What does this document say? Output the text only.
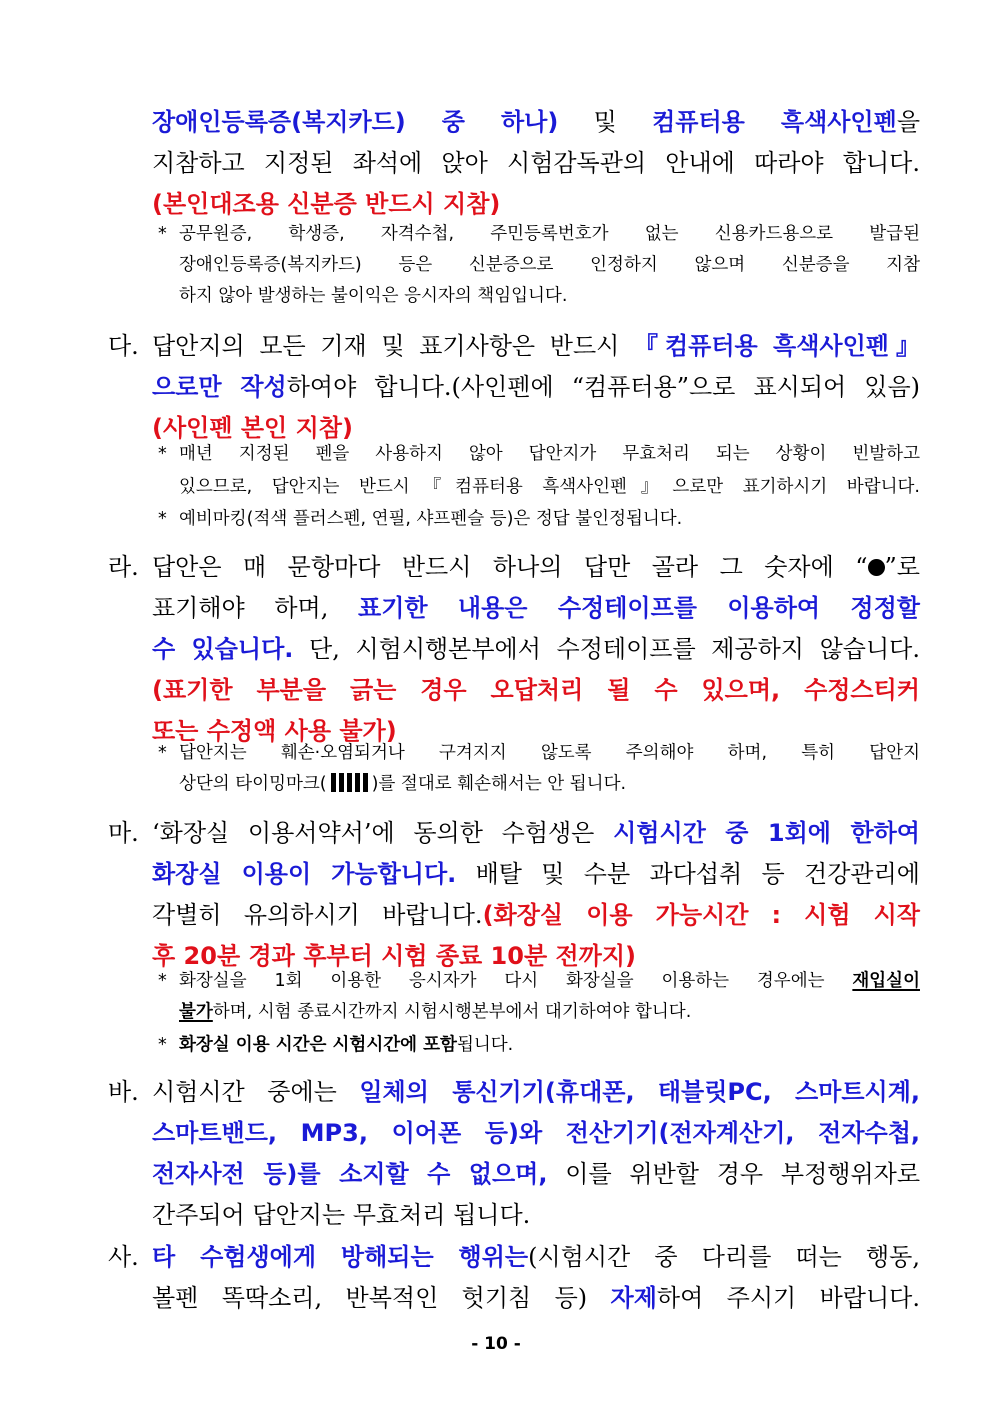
장애인등록증(복지카드) 중 하나) 및 컴퓨터용 흑색사인펜을
지참하고 지정된 좌석에 앉아 시험감독관의 안내에 따라야 합니다.
(본인대조용 신분증 반드시 지참)
* 공무원증, 학생증, 자격수첩, 주민등록번호가 없는 신용카드용으로 발급된
장애인등록증(복지카드) 등은 신분증으로 인정하지 않으며 신분증을 지참
하지 않아 발생하는 불이익은 응시자의 책임입니다.
다. 답안지의 모든 기재 및 표기사항은 반드시 『컴퓨터용 흑색사인펜』
으로만 작성하여야 합니다.(사인펜에 “컴퓨터용”으로 표시되어 있음)
(사인펜 본인 지참)
* 매년 지정된 펜을 사용하지 않아 답안지가 무효처리 되는 상황이 빈발하고
있으므로, 답안지는 반드시『컴퓨터용 흑색사인펜』으로만 표기하시기 바랍니다.
* 예비마킹(적색 플러스펜, 연필, 샤프펜슬 등)은 정답 불인정됩니다.
라. 답안은 매 문항마다 반드시 하나의 답만 골라 그 숫자에 “ ”로
표기해야 하며, 표기한 내용은 수정테이프를 이용하여 정정할
수 있습니다. 단, 시험시행본부에서 수정테이프를 제공하지 않습니다.
(표기한 부분을 긁는 경우 오답처리 될 수 있으며, 수정스티커
또는 수정액 사용 불가)
* 답안지는 훼손·오염되거나 구겨지지 않도록 주의해야 하며, 특히 답안지
상단의 타이밍마크(	)를 절대로 훼손해서는 안 됩니다.
마. ‘화장실 이용서약서’에 동의한 수험생은 시험시간 중 1회에 한하여
화장실 이용이 가능합니다. 배탈 및 수분 과다섭취 등 건강관리에
각별히 유의하시기 바랍니다.(화장실 이용 가능시간 : 시험 시작
후 20분 경과 후부터 시험 종료 10분 전까지)
* 화장실을 1회 이용한 응시자가 다시 화장실을 이용하는 경우에는 재입실이
불가하며, 시험 종료시간까지 시험시행본부에서 대기하여야 합니다.
* 화장실 이용 시간은 시험시간에 포함됩니다.
바. 시험시간 중에는 일체의 통신기기(휴대폰, 태블릿PC, 스마트시계,
스마트밴드, MP3, 이어폰 등)와 전산기기(전자계산기, 전자수첩,
전자사전 등)를 소지할 수 없으며, 이를 위반할 경우 부정행위자로
간주되어 답안지는 무효처리 됩니다.
사. 타 수험생에게 방해되는 행위는(시험시간 중 다리를 떠는 행동,
볼펜 똑딱소리, 반복적인 헛기침 등) 자제하여 주시기 바랍니다.
- 10 -
